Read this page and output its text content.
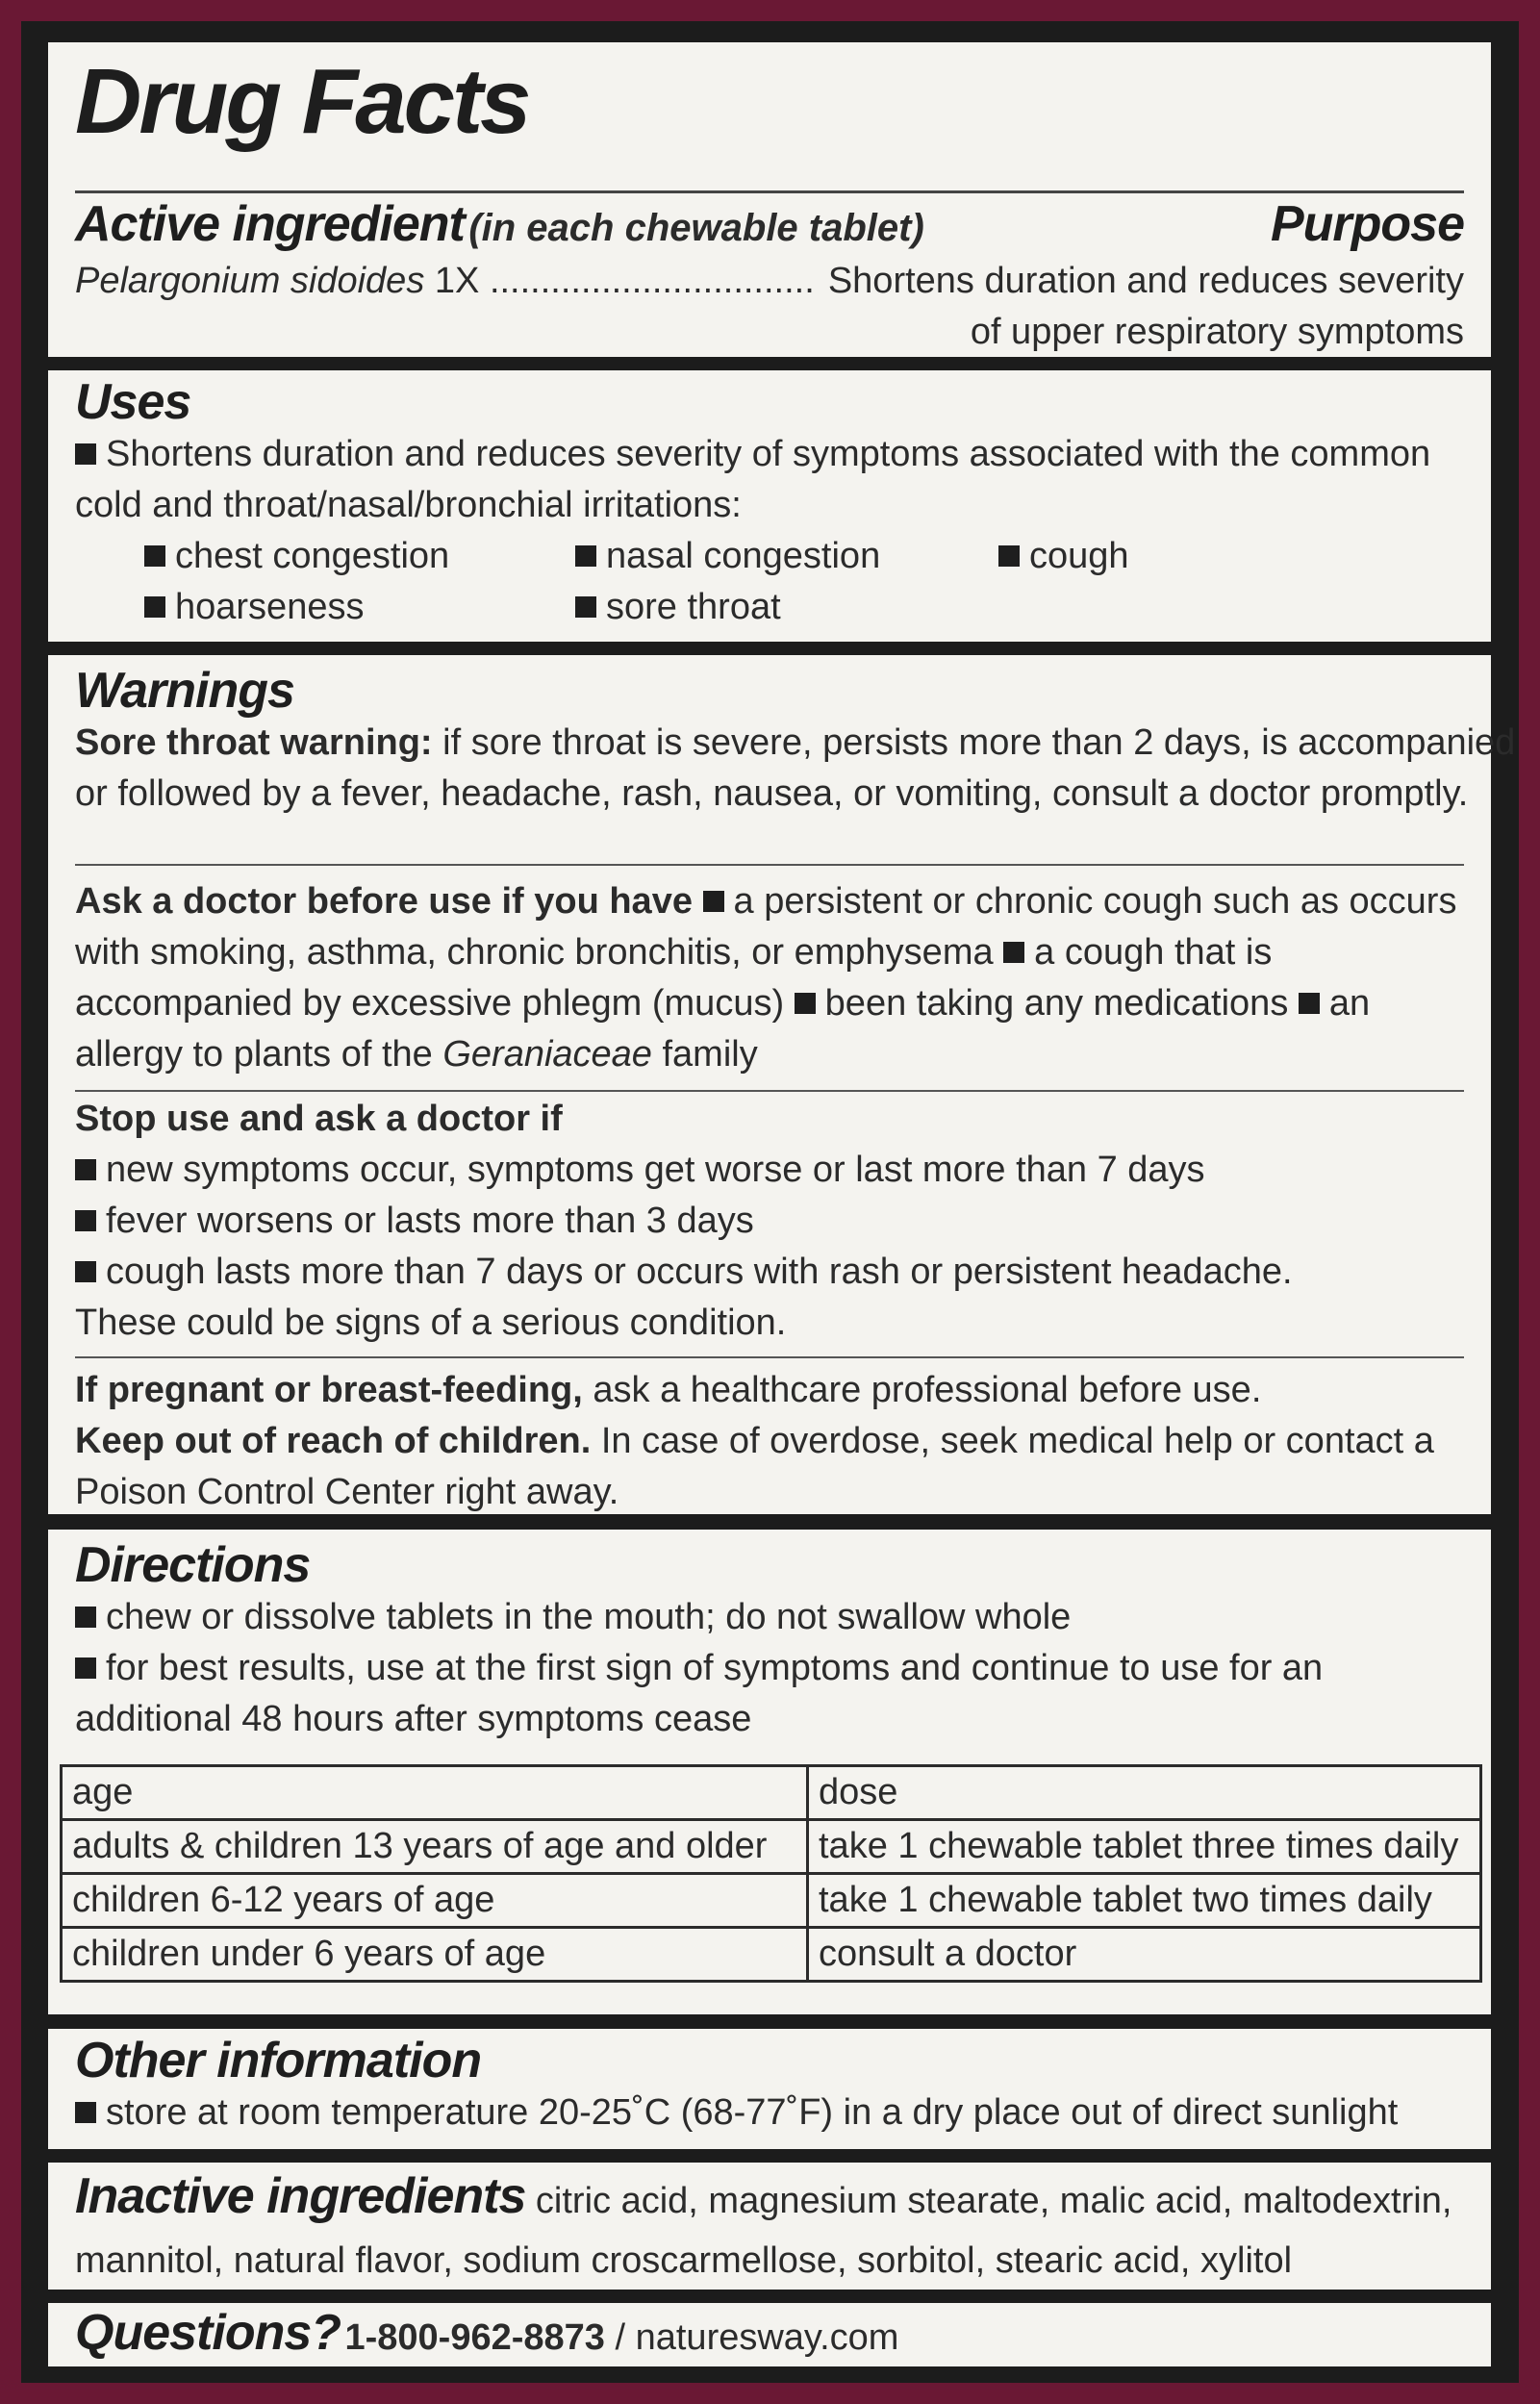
Drug Facts
Active ingredient (in each chewable tablet)	Purpose
Pelargonium sidoides 1X ................................ Shortens duration and reduces severity
of upper respiratory symptoms
Uses
Shortens duration and reduces severity of symptoms associated with the common
cold and throat/nasal/bronchial irritations:
chest congestion	nasal congestion	cough
hoarseness	sore throat
Warnings
Sore throat warning: if sore throat is severe, persists more than 2 days, is accompanied
or followed by a fever, headache, rash, nausea, or vomiting, consult a doctor promptly.
Ask a doctor before use if you have a persistent or chronic cough such as occurs
with smoking, asthma, chronic bronchitis, or emphysema a cough that is
accompanied by excessive phlegm (mucus) been taking any medications an
allergy to plants of the Geraniaceae family
Stop use and ask a doctor if
new symptoms occur, symptoms get worse or last more than 7 days
fever worsens or lasts more than 3 days
cough lasts more than 7 days or occurs with rash or persistent headache.
These could be signs of a serious condition.
If pregnant or breast-feeding, ask a healthcare professional before use.
Keep out of reach of children. In case of overdose, seek medical help or contact a
Poison Control Center right away.
Directions
chew or dissolve tablets in the mouth; do not swallow whole
for best results, use at the first sign of symptoms and continue to use for an
additional 48 hours after symptoms cease
age	dose
adults & children 13 years of age and older	take 1 chewable tablet three times daily
children 6-12 years of age	take 1 chewable tablet two times daily
children under 6 years of age	consult a doctor
Other information
store at room temperature 20-25˚C (68-77˚F) in a dry place out of direct sunlight
Inactive ingredients citric acid, magnesium stearate, malic acid, maltodextrin,
mannitol, natural flavor, sodium croscarmellose, sorbitol, stearic acid, xylitol
Questions? 1-800-962-8873 / naturesway.com
